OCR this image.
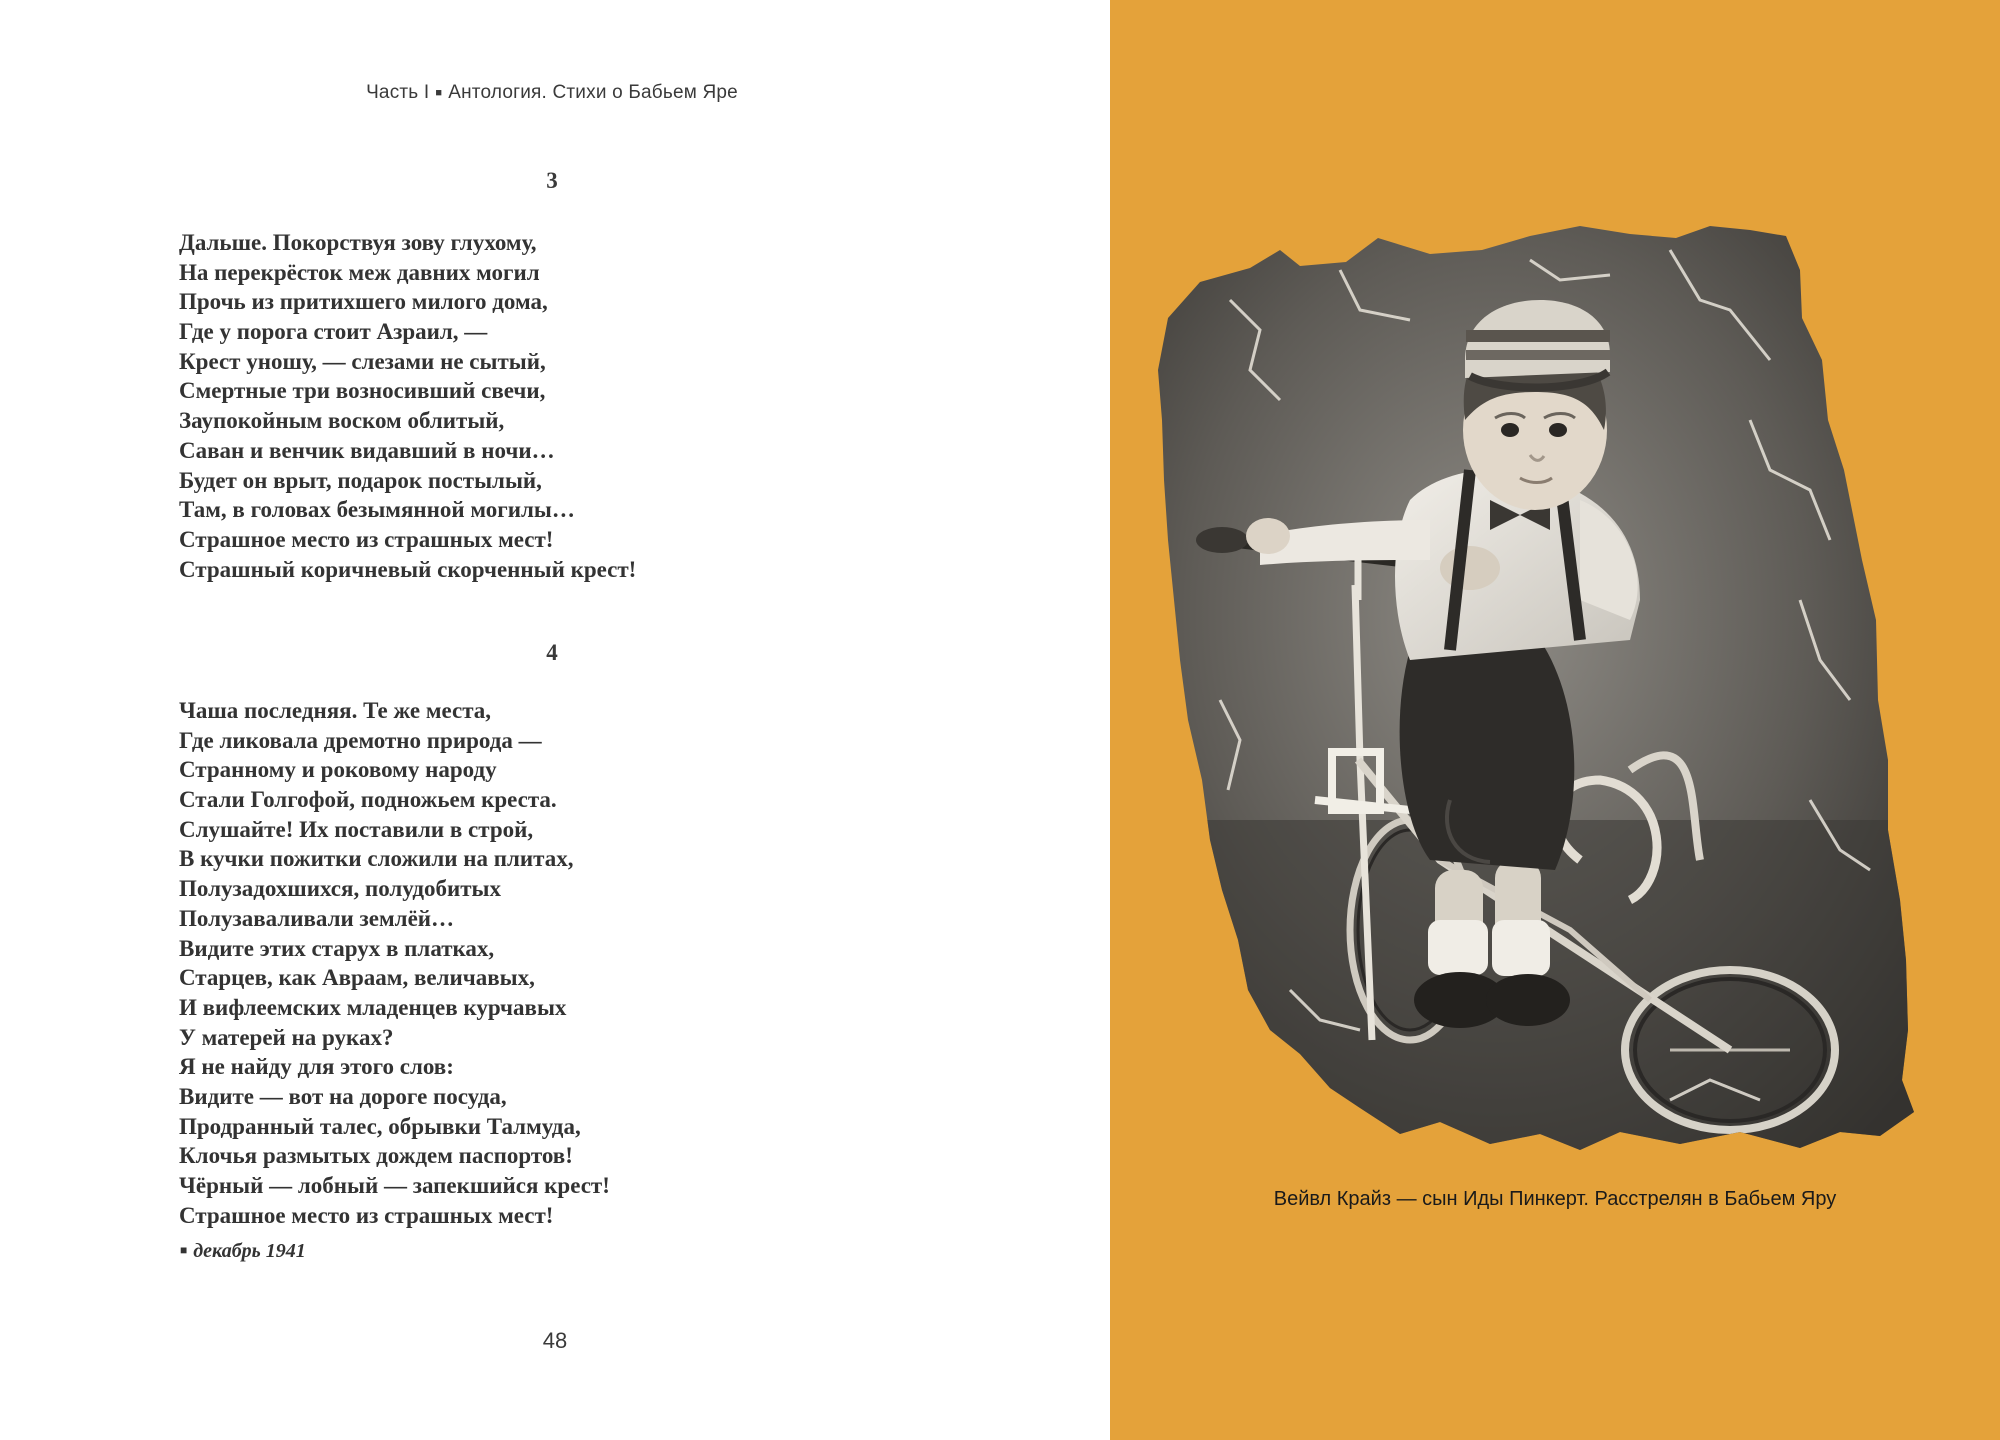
Часть I ■ Антология. Стихи о Бабьем Яре
3
Дальше. Покорствуя зову глухому,
На перекрёсток меж давних могил
Прочь из притихшего милого дома,
Где у порога стоит Азраил, —
Крест уношу, — слезами не сытый,
Смертные три возносивший свечи,
Заупокойным воском облитый,
Саван и венчик видавший в ночи…
Будет он врыт, подарок постылый,
Там, в головах безымянной могилы…
Страшное место из страшных мест!
Страшный коричневый скорченный крест!
4
Чаша последняя. Те же места,
Где ликовала дремотно природа —
Странному и роковому народу
Стали Голгофой, подножьем креста.
Слушайте! Их поставили в строй,
В кучки пожитки сложили на плитах,
Полузадохшихся, полудобитых
Полузаваливали землёй…
Видите этих старух в платках,
Старцев, как Авраам, величавых,
И вифлеемских младенцев курчавых
У матерей на руках?
Я не найду для этого слов:
Видите — вот на дороге посуда,
Продранный талес, обрывки Талмуда,
Клочья размытых дождем паспортов!
Чёрный — лобный — запекшийся крест!
Страшное место из страшных мест!
■ декабрь 1941
48
Вейвл Крайз — сын Иды Пинкерт. Расстрелян в Бабьем Яру
